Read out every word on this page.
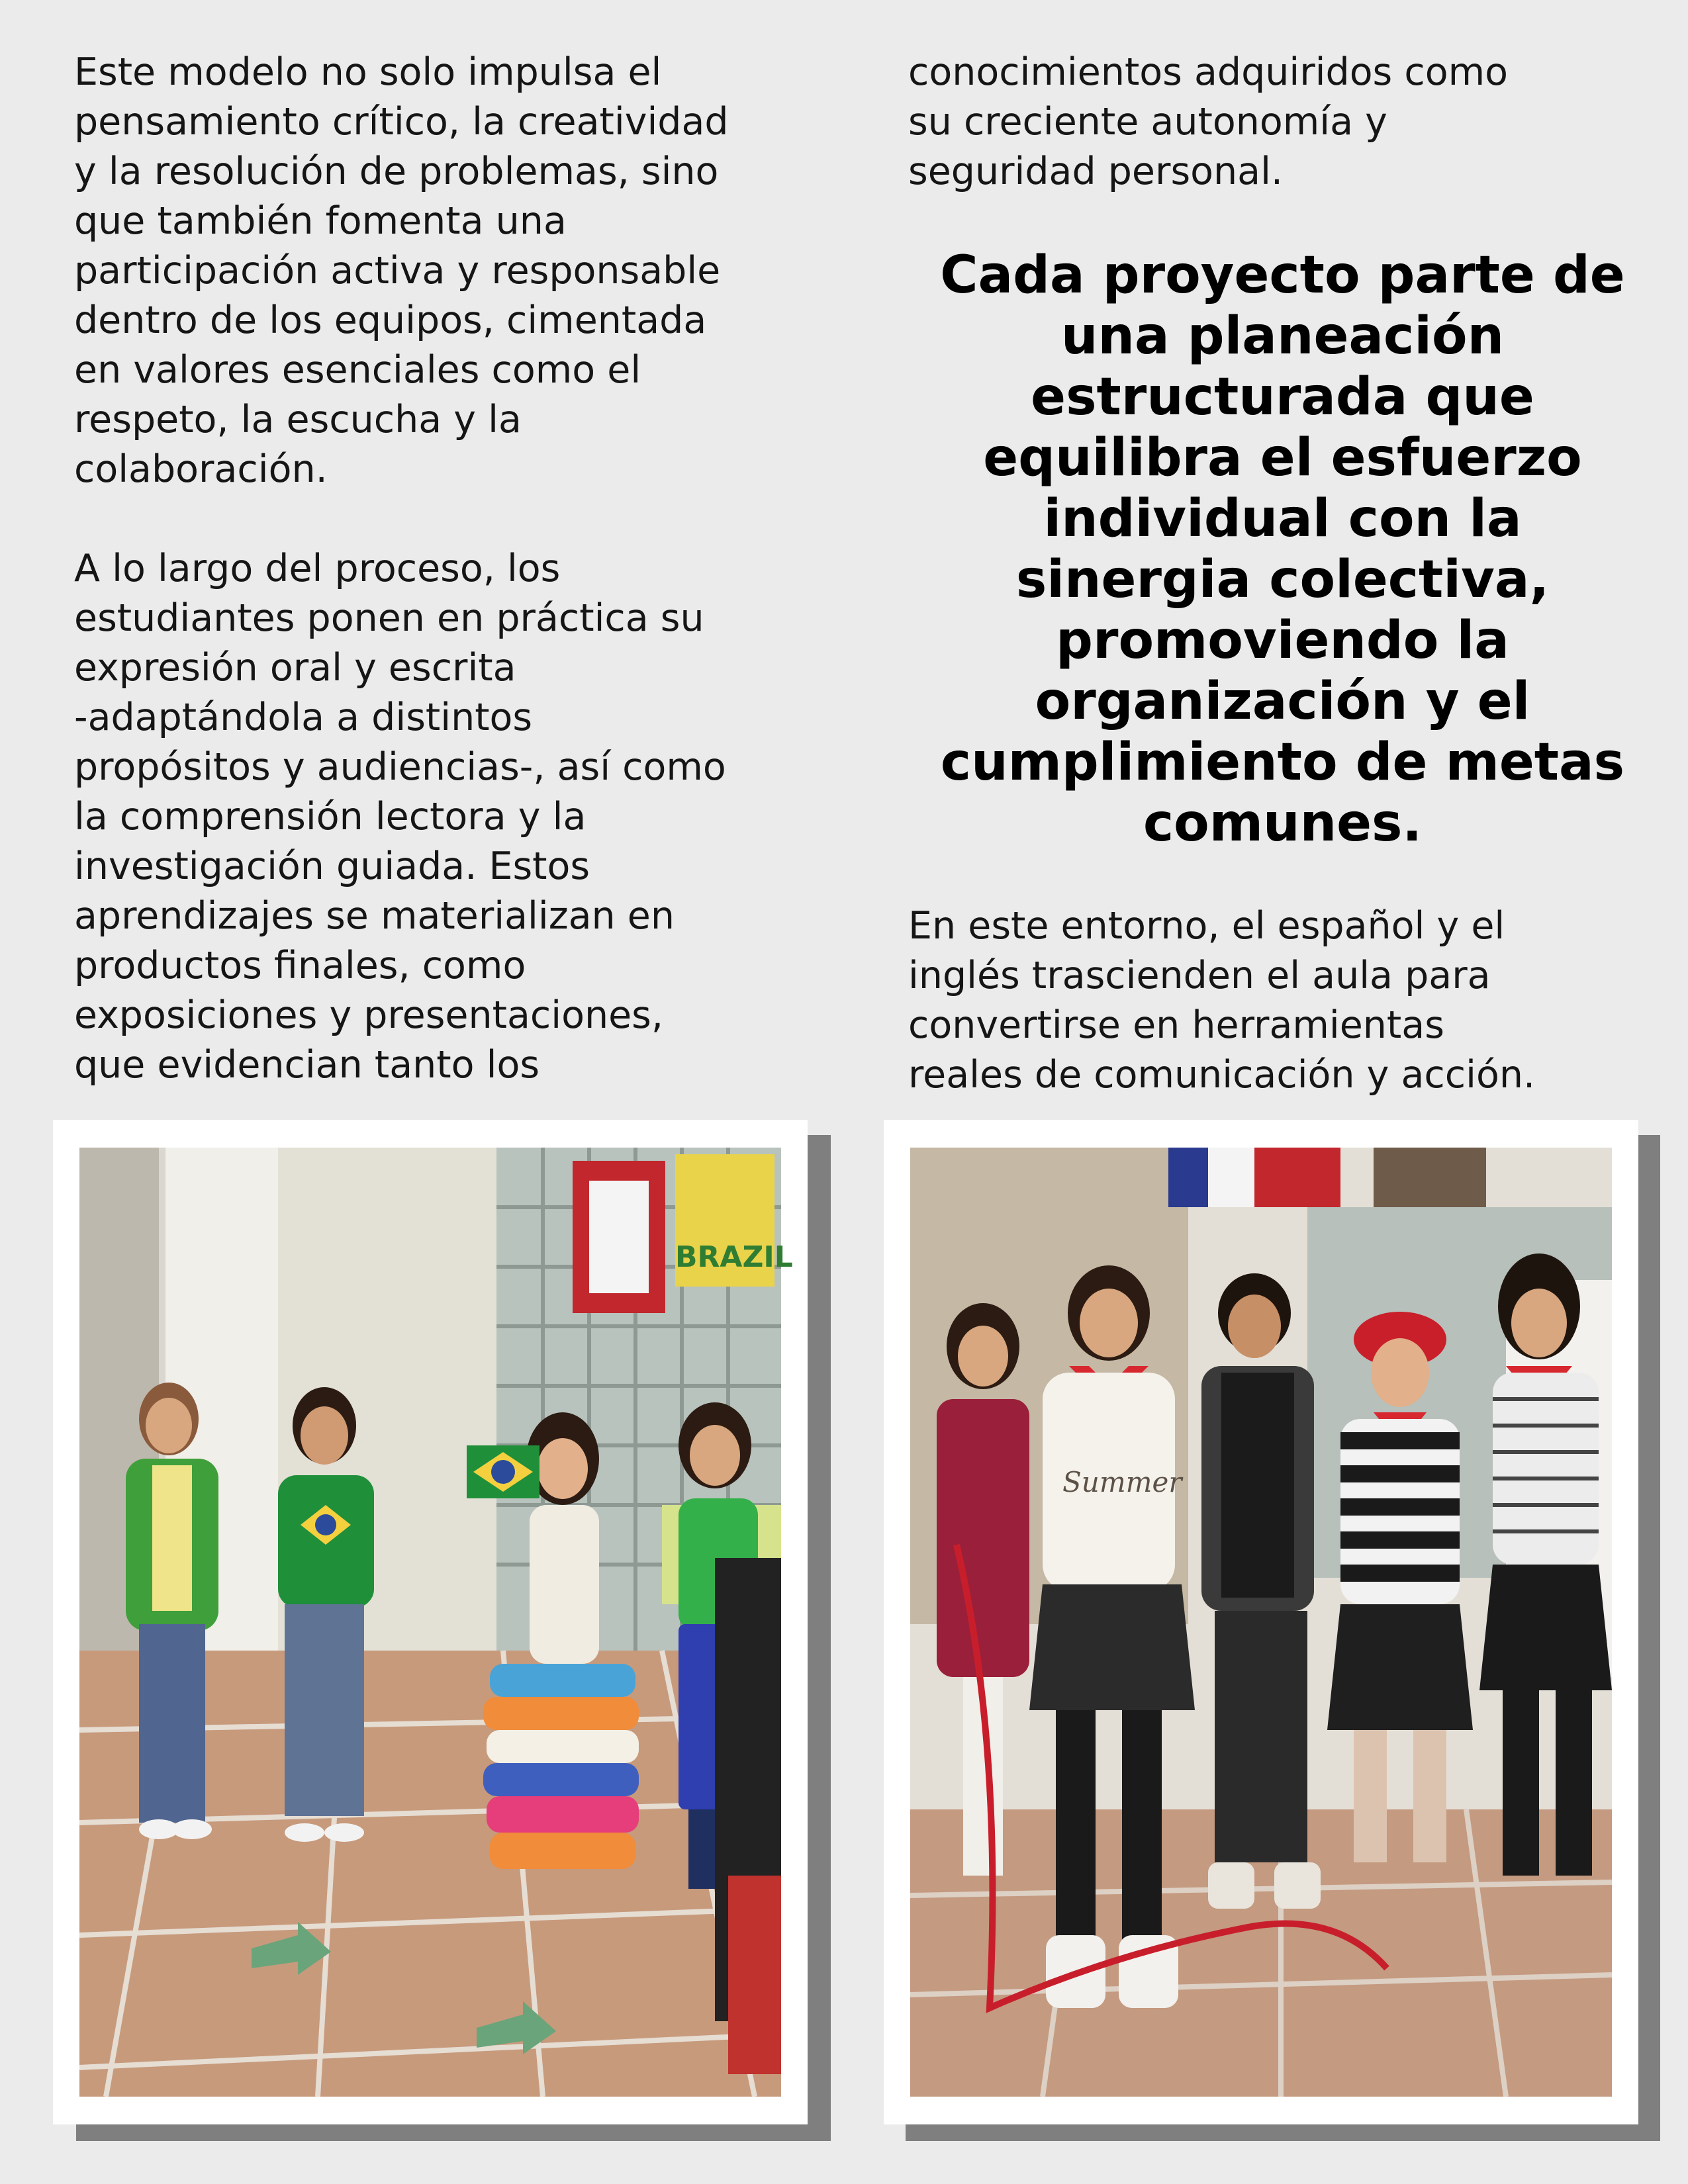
Este modelo no solo impulsa el
pensamiento crítico, la creatividad
y la resolución de problemas, sino
que también fomenta una
participación activa y responsable
dentro de los equipos, cimentada
en valores esenciales como el
respeto, la escucha y la
colaboración.

A lo largo del proceso, los
estudiantes ponen en práctica su
expresión oral y escrita
-adaptándola a distintos
propósitos y audiencias-, así como
la comprensión lectora y la
investigación guiada. Estos
aprendizajes se materializan en
productos finales, como
exposiciones y presentaciones,
que evidencian tanto los

conocimientos adquiridos como
su creciente autonomía y
seguridad personal.

Cada proyecto parte de
una planeación
estructurada que
equilibra el esfuerzo
individual con la
sinergia colectiva,
promoviendo la
organización y el
cumplimiento de metas
comunes.

En este entorno, el español y el
inglés trascienden el aula para
convertirse en herramientas
reales de comunicación y acción.

BRAZIL
Summer
